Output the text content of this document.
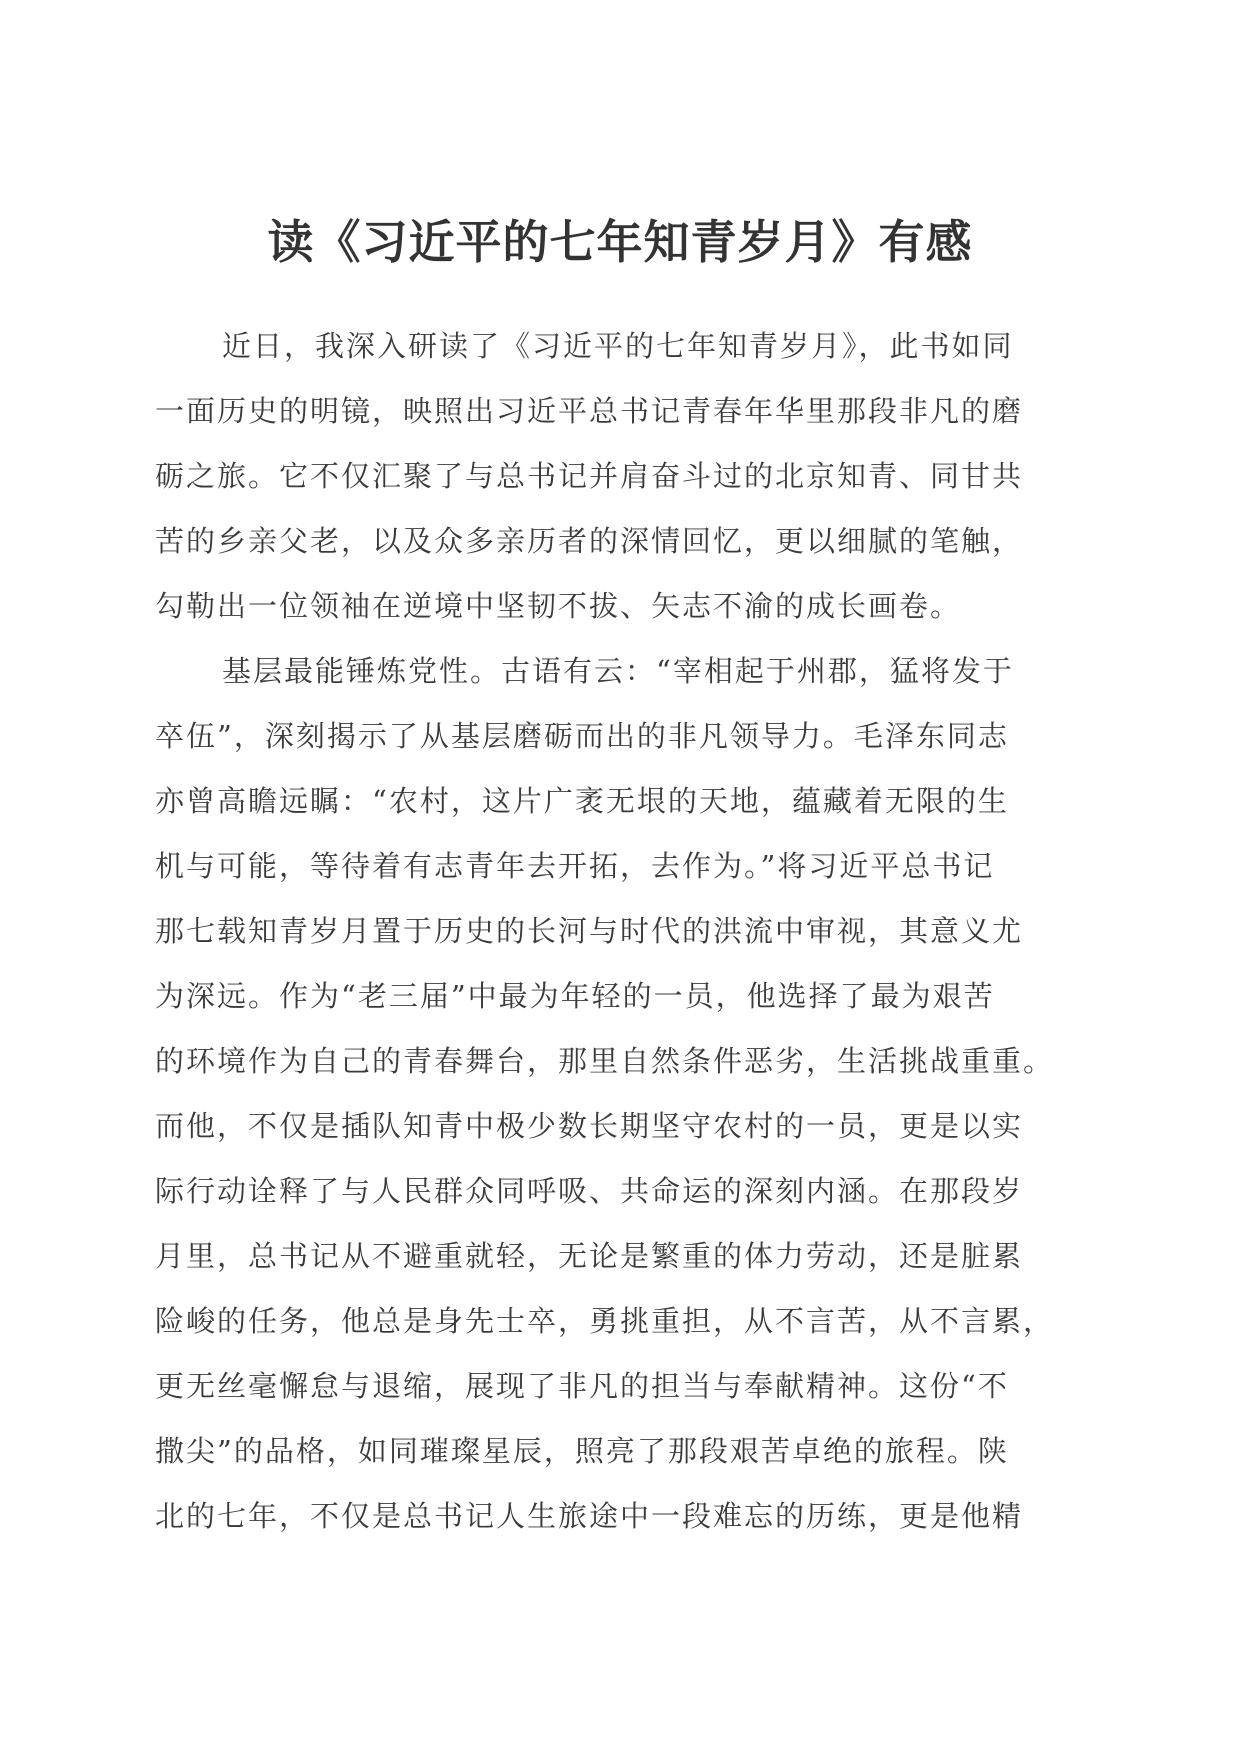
读《习近平的七年知青岁月》有感
近日，我深入研读了《习近平的七年知青岁月》，此书如同
一面历史的明镜，映照出习近平总书记青春年华里那段非凡的磨
砺之旅。它不仅汇聚了与总书记并肩奋斗过的北京知青、同甘共
苦的乡亲父老，以及众多亲历者的深情回忆，更以细腻的笔触，
勾勒出一位领袖在逆境中坚韧不拔、矢志不渝的成长画卷。
基层最能锤炼党性。古语有云：“宰相起于州郡，猛将发于
卒伍”，深刻揭示了从基层磨砺而出的非凡领导力。毛泽东同志
亦曾高瞻远瞩：“农村，这片广袤无垠的天地，蕴藏着无限的生
机与可能，等待着有志青年去开拓，去作为。”将习近平总书记
那七载知青岁月置于历史的长河与时代的洪流中审视，其意义尤
为深远。作为“老三届”中最为年轻的一员，他选择了最为艰苦
的环境作为自己的青春舞台，那里自然条件恶劣，生活挑战重重。
而他，不仅是插队知青中极少数长期坚守农村的一员，更是以实
际行动诠释了与人民群众同呼吸、共命运的深刻内涵。在那段岁
月里，总书记从不避重就轻，无论是繁重的体力劳动，还是脏累
险峻的任务，他总是身先士卒，勇挑重担，从不言苦，从不言累，
更无丝毫懈怠与退缩，展现了非凡的担当与奉献精神。这份“不
撒尖”的品格，如同璀璨星辰，照亮了那段艰苦卓绝的旅程。陕
北的七年，不仅是总书记人生旅途中一段难忘的历练，更是他精
